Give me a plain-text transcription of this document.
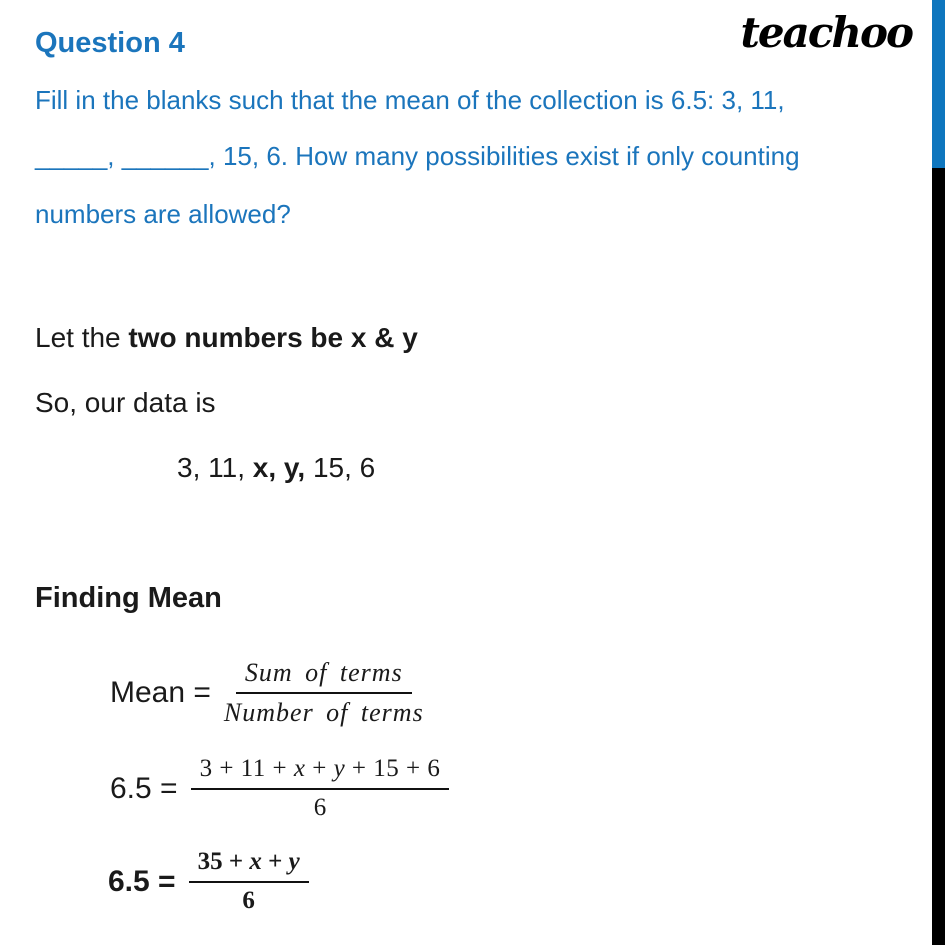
Question 4	teachoo
Fill in the blanks such that the mean of the collection is 6.5: 3, 11,
_____, ______, 15, 6. How many possibilities exist if only counting
numbers are allowed?
Let the two numbers be x & y
So, our data is
3, 11, x, y, 15, 6
Finding Mean
Mean = $\frac{\text{Sum of terms}}{\text{Number of terms}}$
$6.5 = \frac{3 + 11 + x + y + 15 + 6}{6}$
$6.5 = \frac{35 + x + y}{6}$
